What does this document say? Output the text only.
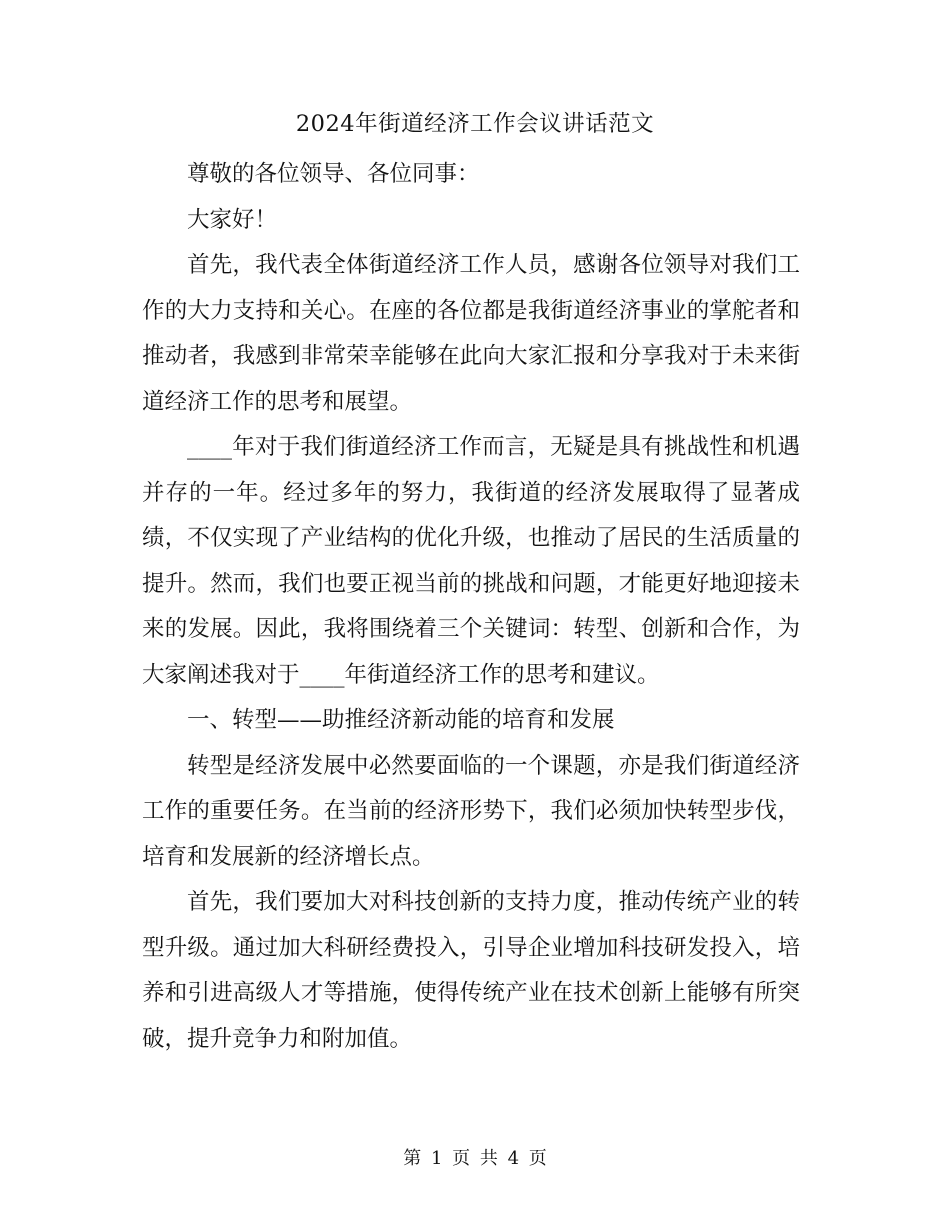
2024年街道经济工作会议讲话范文

尊敬的各位领导、各位同事：

大家好！

首先，我代表全体街道经济工作人员，感谢各位领导对我们工作的大力支持和关心。在座的各位都是我街道经济事业的掌舵者和推动者，我感到非常荣幸能够在此向大家汇报和分享我对于未来街道经济工作的思考和展望。

____年对于我们街道经济工作而言，无疑是具有挑战性和机遇并存的一年。经过多年的努力，我街道的经济发展取得了显著成绩，不仅实现了产业结构的优化升级，也推动了居民的生活质量的提升。然而，我们也要正视当前的挑战和问题，才能更好地迎接未来的发展。因此，我将围绕着三个关键词：转型、创新和合作，为大家阐述我对于____年街道经济工作的思考和建议。

一、转型——助推经济新动能的培育和发展

转型是经济发展中必然要面临的一个课题，亦是我们街道经济工作的重要任务。在当前的经济形势下，我们必须加快转型步伐，培育和发展新的经济增长点。

首先，我们要加大对科技创新的支持力度，推动传统产业的转型升级。通过加大科研经费投入，引导企业增加科技研发投入，培养和引进高级人才等措施，使得传统产业在技术创新上能够有所突破，提升竞争力和附加值。

第 1 页 共 4 页
